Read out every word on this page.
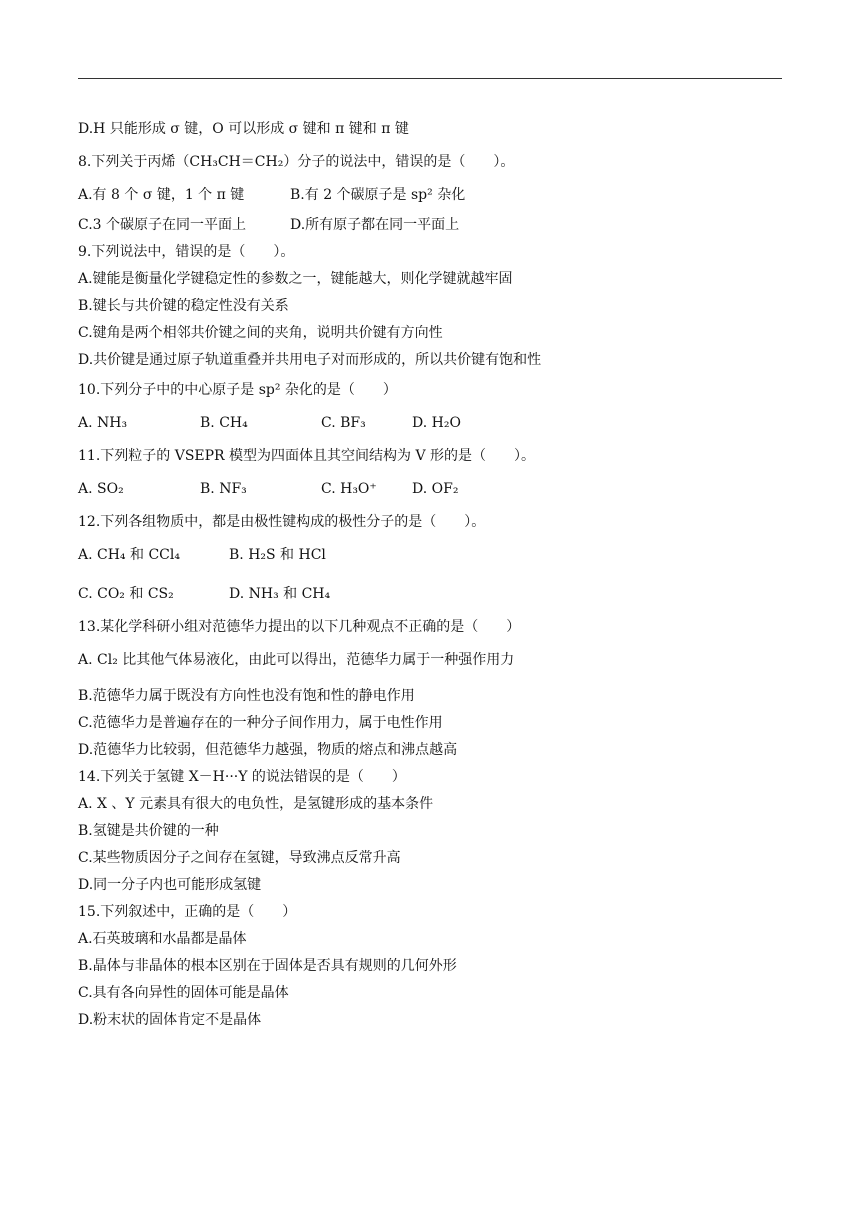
D.H 只能形成 σ 键，O 可以形成 σ 键和 π 键和 π 键
8.下列关于丙烯（CH₃CH＝CH₂）分子的说法中，错误的是（　　）。
A.有 8 个 σ 键，1 个 π 键	B.有 2 个碳原子是 sp² 杂化
C.3 个碳原子在同一平面上	D.所有原子都在同一平面上
9.下列说法中，错误的是（　　）。
A.键能是衡量化学键稳定性的参数之一，键能越大，则化学键就越牢固
B.键长与共价键的稳定性没有关系
C.键角是两个相邻共价键之间的夹角，说明共价键有方向性
D.共价键是通过原子轨道重叠并共用电子对而形成的，所以共价键有饱和性
10.下列分子中的中心原子是 sp² 杂化的是（　　）
A. NH₃	B. CH₄	C. BF₃	D. H₂O
11.下列粒子的 VSEPR 模型为四面体且其空间结构为 V 形的是（　　）。
A. SO₂	B. NF₃	C. H₃O⁺	D. OF₂
12.下列各组物质中，都是由极性键构成的极性分子的是（　　）。
A. CH₄ 和 CCl₄	B. H₂S 和 HCl
C. CO₂ 和 CS₂	D. NH₃ 和 CH₄
13.某化学科研小组对范德华力提出的以下几种观点不正确的是（　　）
A. Cl₂ 比其他气体易液化，由此可以得出，范德华力属于一种强作用力
B.范德华力属于既没有方向性也没有饱和性的静电作用
C.范德华力是普遍存在的一种分子间作用力，属于电性作用
D.范德华力比较弱，但范德华力越强，物质的熔点和沸点越高
14.下列关于氢键 X－H···Y 的说法错误的是（　　）
A. X 、Y 元素具有很大的电负性，是氢键形成的基本条件
B.氢键是共价键的一种
C.某些物质因分子之间存在氢键，导致沸点反常升高
D.同一分子内也可能形成氢键
15.下列叙述中，正确的是（　　）
A.石英玻璃和水晶都是晶体
B.晶体与非晶体的根本区别在于固体是否具有规则的几何外形
C.具有各向异性的固体可能是晶体
D.粉末状的固体肯定不是晶体
